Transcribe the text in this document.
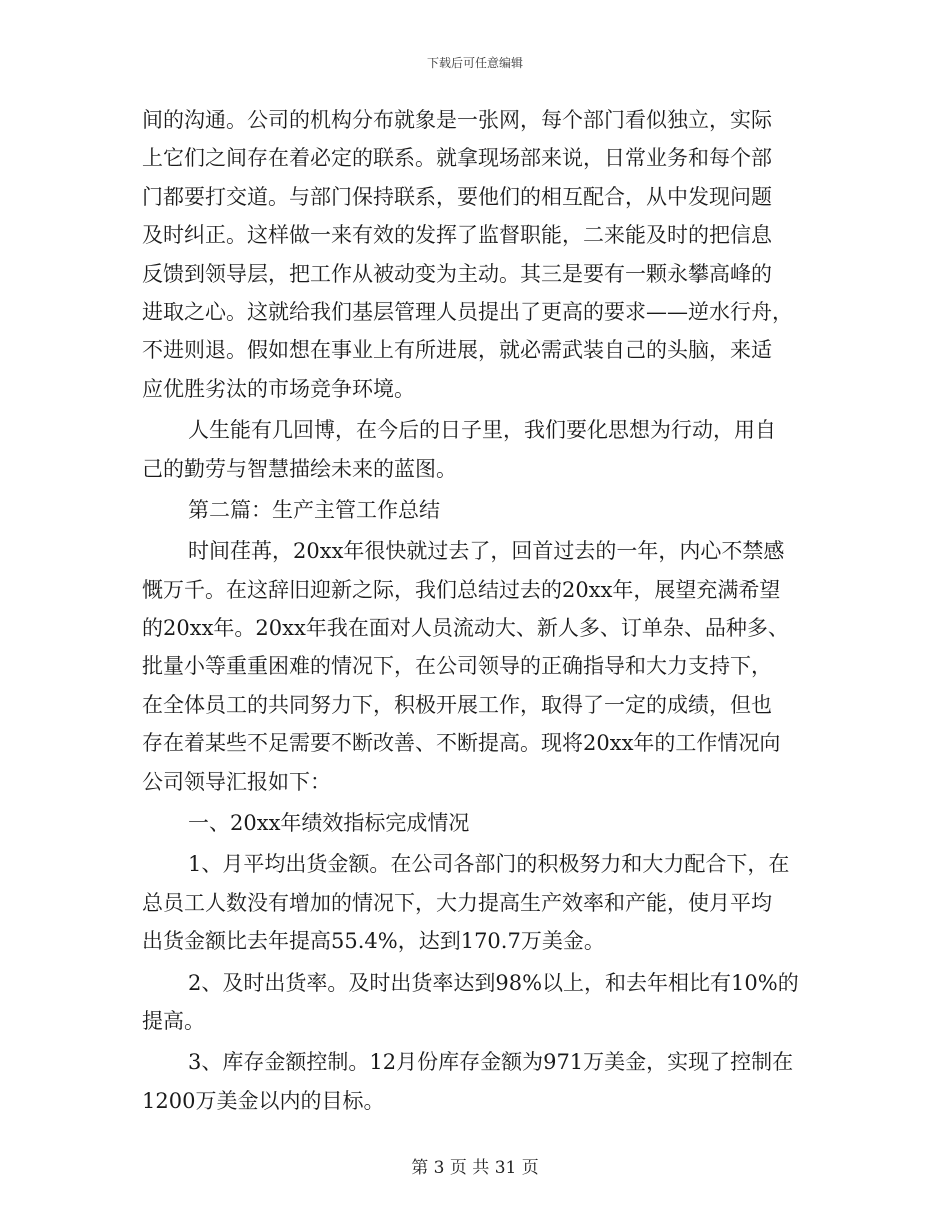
下载后可任意编辑
间的沟通。公司的机构分布就象是一张网，每个部门看似独立，实际
上它们之间存在着必定的联系。就拿现场部来说，日常业务和每个部
门都要打交道。与部门保持联系，要他们的相互配合，从中发现问题
及时纠正。这样做一来有效的发挥了监督职能，二来能及时的把信息
反馈到领导层，把工作从被动变为主动。其三是要有一颗永攀高峰的
进取之心。这就给我们基层管理人员提出了更高的要求——逆水行舟，
不进则退。假如想在事业上有所进展，就必需武装自己的头脑，来适
应优胜劣汰的市场竞争环境。
人生能有几回博，在今后的日子里，我们要化思想为行动，用自
己的勤劳与智慧描绘未来的蓝图。
第二篇：生产主管工作总结
时间荏苒，20xx年很快就过去了，回首过去的一年，内心不禁感
慨万千。在这辞旧迎新之际，我们总结过去的20xx年，展望充满希望
的20xx年。20xx年我在面对人员流动大、新人多、订单杂、品种多、
批量小等重重困难的情况下，在公司领导的正确指导和大力支持下，
在全体员工的共同努力下，积极开展工作，取得了一定的成绩，但也
存在着某些不足需要不断改善、不断提高。现将20xx年的工作情况向
公司领导汇报如下：
一、20xx年绩效指标完成情况
1、月平均出货金额。在公司各部门的积极努力和大力配合下，在
总员工人数没有增加的情况下，大力提高生产效率和产能，使月平均
出货金额比去年提高55.4%，达到170.7万美金。
2、及时出货率。及时出货率达到98%以上，和去年相比有10%的
提高。
3、库存金额控制。12月份库存金额为971万美金，实现了控制在
1200万美金以内的目标。
第 3 页 共 31 页
